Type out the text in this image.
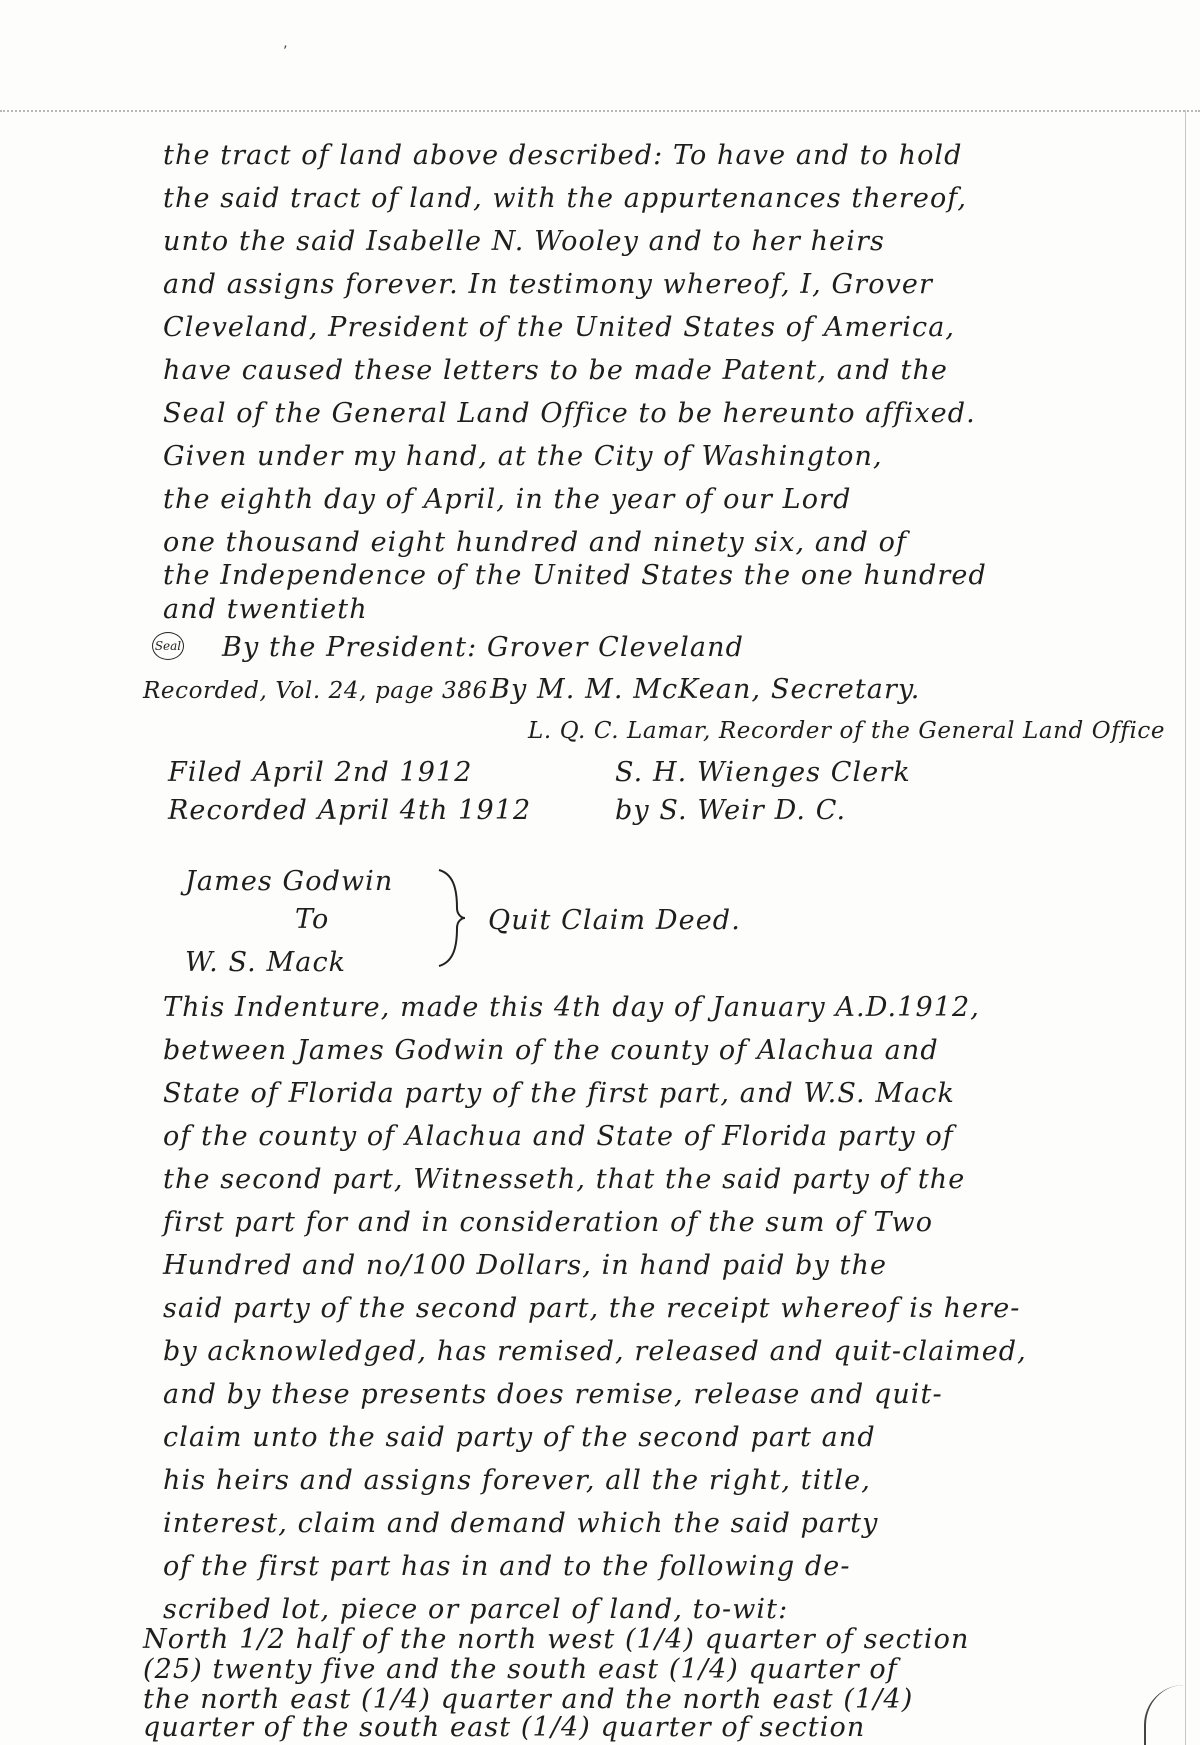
’
the tract of land above described: To have and to hold
the said tract of land, with the appurtenances thereof,
unto the said Isabelle N. Wooley and to her heirs
and assigns forever. In testimony whereof, I, Grover
Cleveland, President of the United States of America,
have caused these letters to be made Patent, and the
Seal of the General Land Office to be hereunto affixed.
Given under my hand, at the City of Washington,
the eighth day of April, in the year of our Lord
one thousand eight hundred and ninety six, and of
the Independence of the United States the one hundred
and twentieth
Seal By the President: Grover Cleveland
Recorded, Vol. 24, page 386 By M. M. McKean, Secretary.
L. Q. C. Lamar, Recorder of the General Land Office
Filed April 2nd 1912	S. H. Wienges Clerk
Recorded April 4th 1912	by S. Weir D. C.
James Godwin
To
W. S. Mack
Quit Claim Deed.
This Indenture, made this 4th day of January A.D.1912,
between James Godwin of the county of Alachua and
State of Florida party of the first part, and W.S. Mack
of the county of Alachua and State of Florida party of
the second part, Witnesseth, that the said party of the
first part for and in consideration of the sum of Two
Hundred and no/100 Dollars, in hand paid by the
said party of the second part, the receipt whereof is here-
by acknowledged, has remised, released and quit-claimed,
and by these presents does remise, release and quit-
claim unto the said party of the second part and
his heirs and assigns forever, all the right, title,
interest, claim and demand which the said party
of the first part has in and to the following de-
scribed lot, piece or parcel of land, to-wit:
North 1/2 half of the north west (1/4) quarter of section
(25) twenty five and the south east (1/4) quarter of
the north east (1/4) quarter and the north east (1/4)
quarter of the south east (1/4) quarter of section
